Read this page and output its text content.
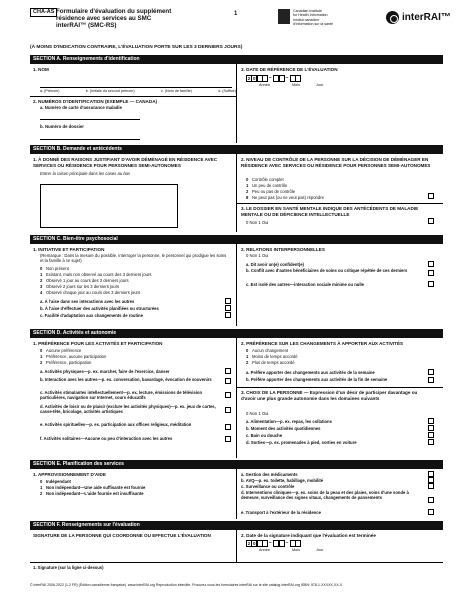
CHA-AS Formulaire d'évaluation du supplément
résidence avec services au SMC
interRAI™ (SMC-RS)
1	Canadian Institute
for Health Information
Institut canadien
d'information sur la santé
interRAI™
(À MOINS D'INDICATION CONTRAIRE, L'ÉVALUATION PORTE SUR LES 3 DERNIERS JOURS)
SECTION A. Renseignements d'identification
1. NOM
a. (Prénom)	b. (Initiale du second prénom)	c. (Nom de famille)	d. (Suffixe)
2. NUMÉROS D'IDENTIFICATION (EXEMPLE — CANADA)
a. Numéro de carte d'assurance maladie
b. Numéro de dossier
3. DATE DE RÉFÉRENCE DE L'ÉVALUATION
2 0	–	–
Année	Mois	Jour
SECTION B. Demande et antécédents
1. À DONNÉ DES RAISONS JUSTIFIANT D'AVOIR DÉMÉNAGÉ EN RÉSIDENCE AVEC SERVICES OU RÉSIDENCE POUR PERSONNES SEMI-AUTONOMES
Entrer la raison principale dans les cases au bas
2. NIVEAU DE CONTRÔLE DE LA PERSONNE SUR LA DÉCISION DE DÉMÉNAGER EN RÉSIDENCE AVEC SERVICES OU RÉSIDENCE POUR PERSONNES SEMI-AUTONOMES
0 Contrôle complet
1 Un peu de contrôle
2 Peu ou pas de contrôle
8 Ne peut pas (ou ne veut pas) répondre
3. LE DOSSIER EN SANTÉ MENTALE INDIQUE DES ANTÉCÉDENTS DE MALADIE MENTALE OU DE DÉFICIENCE INTELLECTUELLE
0 Non 1 Oui
SECTION C. Bien-être psychosocial
1. INITIATIVE ET PARTICIPATION
(Remarque : Dans la mesure du possible, interroger la personne, le personnel qui prodigue les soins et la famille à ce sujet)
0 Non présent
1 Existant, mais non observé au cours des 3 derniers jours
2 Observé 1 jour au cours des 3 derniers jours
3 Observé 2 jours sur les 3 derniers jours
4 Observé chaque jour au cours des 3 derniers jours
a. À l'aise dans ses interactions avec les autres
b. À l'aise d'effectuer des activités planifiées ou structurées
c. Facilité d'adaptation aux changements de routine
2. RELATIONS INTERPERSONNELLES
0 Non 1 Oui
a. Dit avoir un(e) confident(e)
b. Conflit avec d'autres bénéficiaires de soins ou critique répétée de ces derniers
c. Est isolé des autres—interaction sociale minime ou nulle
SECTION D. Activités et autonomie
1. PRÉFÉRENCE POUR LES ACTIVITÉS ET PARTICIPATION
0 Aucune préférence
1 Préférence, aucune participation
2 Préférence, participation
a. Activités physiques—p. ex. marcher, faire de l'exercice, danser
b. Interaction avec les autres—p. ex. conversation, bavardage, évocation de souvenirs
c. Activités stimulantes intellectuellement—p. ex. lecture, émissions de télévision particulières, navigation sur Internet, cours éducatifs
d. Activités de loisir ou de plaisir (exclure les activités physiques)—p. ex. jeux de cartes, casse-tête, bricolage, activités artistiques
e. Activités spirituelles—p. ex. participation aux offices religieux, méditation
f. Activités solitaires—Aucune ou peu d'interaction avec les autres
2. PRÉFÉRENCE SUR LES CHANGEMENTS À APPORTER AUX ACTIVITÉS
0 Aucun changement
1 Moins de temps accordé
2 Plus de temps accordé
a. Préfère apporter des changements aux activités de la semaine
b. Préfère apporter des changements aux activités de la fin de semaine
3. CHOIX DE LA PERSONNE — Expression d'un désir de participer davantage ou d'avoir une plus grande autonomie dans les domaines suivants
0 Non 1 Oui
a. Alimentation—p. ex. repas, les collations
b. Moment des activités quotidiennes
c. Bain ou douche
d. Sorties—p. ex. promenades à pied, sorties en voiture
SECTION E. Planification des services
1. APPROVISIONNEMENT D'AIDE
0 Indépendant
1 Non indépendant—Une aide suffisante est fournie
2 Non indépendant—L'aide fournie est insuffisante
a. Gestion des médicaments
b. AVQ—p. ex. toilette, habillage, mobilité
c. Surveillance ou contrôle
d. Interventions cliniques—p. ex. soins de la peau et des plaies, soins d'une sonde à demeure, surveillance des signes vitaux, changements de pansements
e. Transport à l'extérieur de la résidence
SECTION F. Renseignements sur l'évaluation
SIGNATURE DE LA PERSONNE QUI COORDONNE OU EFFECTUE L'ÉVALUATION	2. Date de la signature indiquant que l'évaluation est terminée
2 0	–	–
Année	Mois	Jour
1. Signature (sur la ligne ci-dessus)
© interRAI 2006-2022 (1.2 FR) (Édition canadienne française). www.interRAI.org Reproduction interdite. Procurez-vous les formulaires interRAI sur le site catalog.interRAI.org ISBN: 978-1-XXXXX-XX-X
